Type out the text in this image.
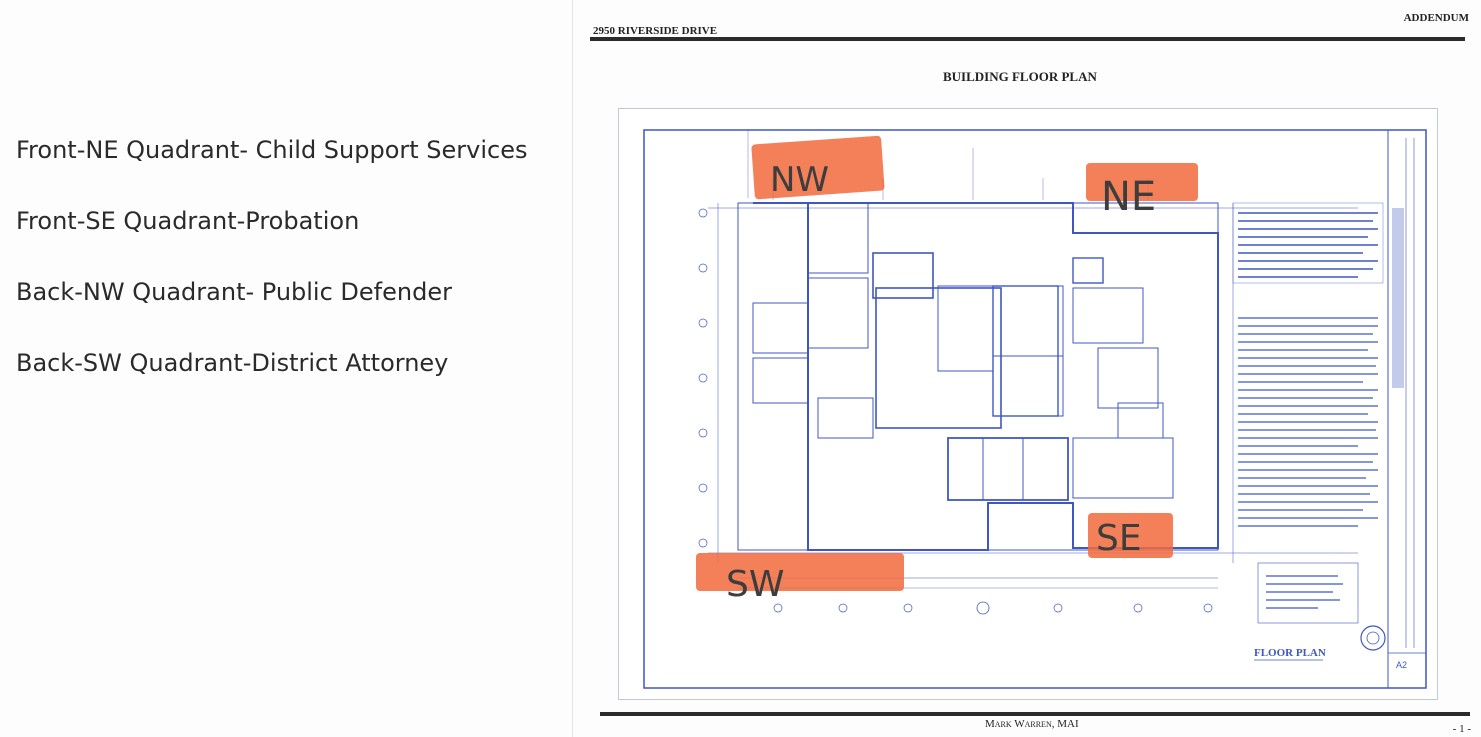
Front-NE Quadrant- Child Support Services
Front-SE Quadrant-Probation
Back-NW Quadrant- Public Defender
Back-SW Quadrant-District Attorney
2950 RIVERSIDE DRIVE
ADDENDUM
BUILDING FLOOR PLAN
FLOOR PLAN
A2
NW	NE
SW
SE
Mark Warren, MAI	- 1 -
